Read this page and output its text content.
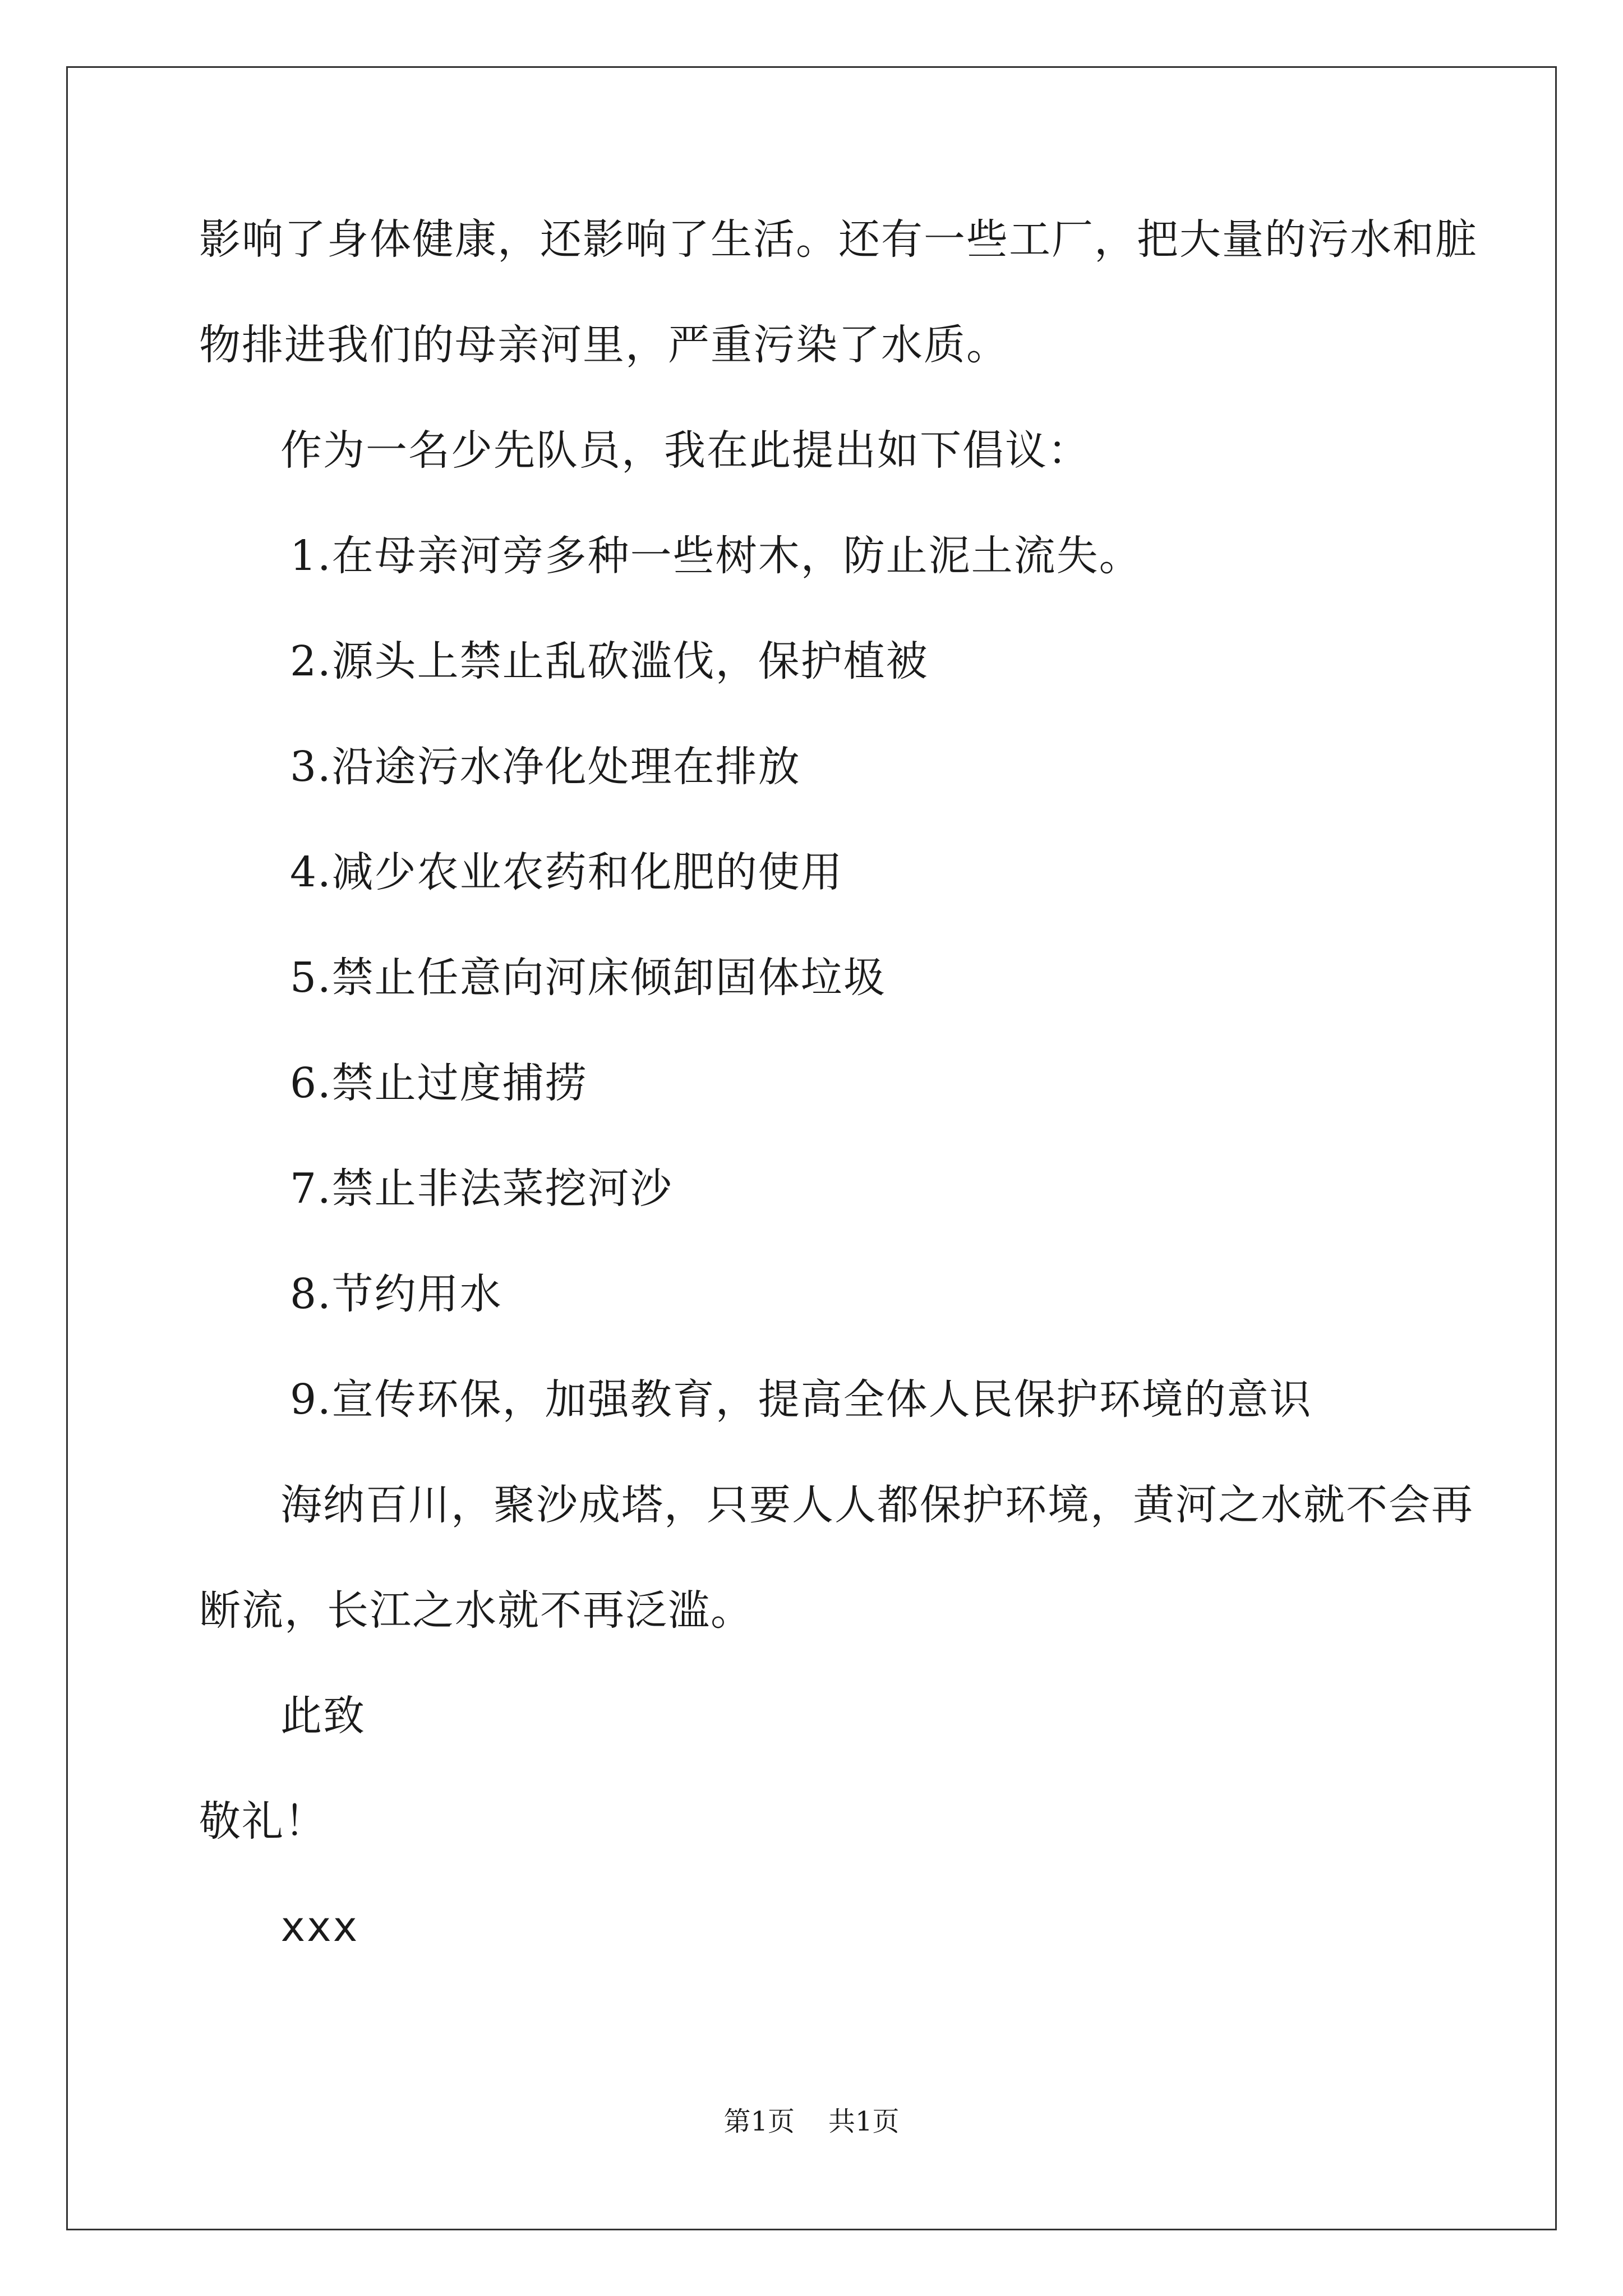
影响了身体健康，还影响了生活。还有一些工厂，把大量的污水和脏
物排进我们的母亲河里，严重污染了水质。
作为一名少先队员，我在此提出如下倡议：
1.在母亲河旁多种一些树木，防止泥土流失。
2.源头上禁止乱砍滥伐，保护植被
3.沿途污水净化处理在排放
4.减少农业农药和化肥的使用
5.禁止任意向河床倾卸固体垃圾
6.禁止过度捕捞
7.禁止非法菜挖河沙
8.节约用水
9.宣传环保，加强教育，提高全体人民保护环境的意识
海纳百川，聚沙成塔，只要人人都保护环境，黄河之水就不会再
断流，长江之水就不再泛滥。
此致
敬礼！
xxx
第1页 共1页
